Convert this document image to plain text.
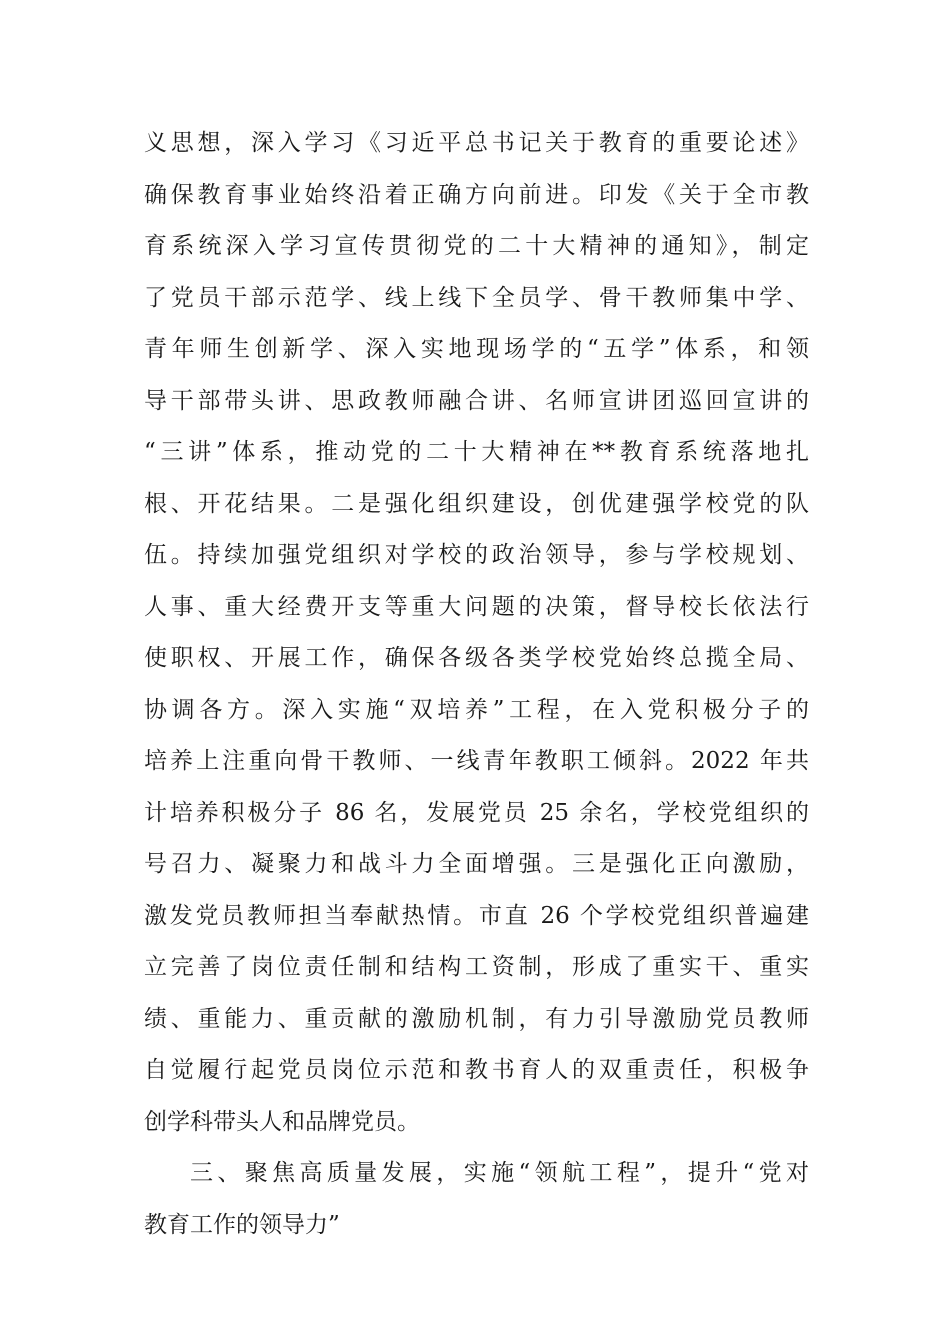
义思想，深入学习《习近平总书记关于教育的重要论述》
确保教育事业始终沿着正确方向前进。印发《关于全市教
育系统深入学习宣传贯彻党的二十大精神的通知》，制定
了党员干部示范学、线上线下全员学、骨干教师集中学、
青年师生创新学、深入实地现场学的“五学”体系，和领
导干部带头讲、思政教师融合讲、名师宣讲团巡回宣讲的
“三讲”体系，推动党的二十大精神在**教育系统落地扎
根、开花结果。二是强化组织建设，创优建强学校党的队
伍。持续加强党组织对学校的政治领导，参与学校规划、
人事、重大经费开支等重大问题的决策，督导校长依法行
使职权、开展工作，确保各级各类学校党始终总揽全局、
协调各方。深入实施“双培养”工程，在入党积极分子的
培养上注重向骨干教师、一线青年教职工倾斜。2022 年共
计培养积极分子 86 名，发展党员 25 余名，学校党组织的
号召力、凝聚力和战斗力全面增强。三是强化正向激励，
激发党员教师担当奉献热情。市直 26 个学校党组织普遍建
立完善了岗位责任制和结构工资制，形成了重实干、重实
绩、重能力、重贡献的激励机制，有力引导激励党员教师
自觉履行起党员岗位示范和教书育人的双重责任，积极争
创学科带头人和品牌党员。
三、聚焦高质量发展，实施“领航工程”，提升“党对
教育工作的领导力”
